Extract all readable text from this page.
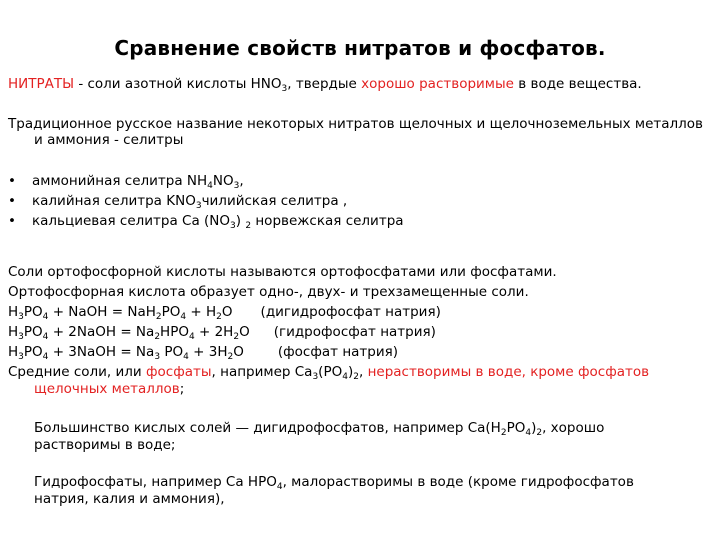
Сравнение свойств нитратов и фосфатов.
НИТРАТЫ - соли азотной кислоты $HNO_3$, твердые хорошо растворимые в воде вещества.
Традиционное русское название некоторых нитратов щелочных и щелочноземельных металлов и аммония - селитры
• аммонийная селитра $NH_4NO_3$,
• калийная селитра $KNO_3чилийская$ селитра ,
• кальциевая селитра Ca $(NO_3)$ $_2$ норвежская селитра
Соли ортофосфорной кислоты называются ортофосфатами или фосфатами.
Ортофосфорная кислота образует одно-, двух- и трехзамещенные соли.
$H_3PO_4$ + NaOH = $NaH_2PO_4 + H_2O$ (дигидрофосфат натрия)
$H_3PO_4$ + 2NaOH = $Na_2HPO_4 + 2H_2O$ (гидрофосфат натрия)
$H_3PO_4$ + 3NaOH = $Na_3$ $PO_4 + 3H_2O$	(фосфат натрия)
Средние соли, или фосфаты, например $Ca_3(PO_4)_2$, нерастворимы в воде, кроме фосфатов щелочных металлов;
Большинство кислых солей — дигидрофосфатов, например $Ca(H_2PO_4)_2$, хорошо растворимы в воде;
Гидрофосфаты, например Ca $HPO_4$, малорастворимы в воде (кроме гидрофосфатов натрия, калия и аммония),
